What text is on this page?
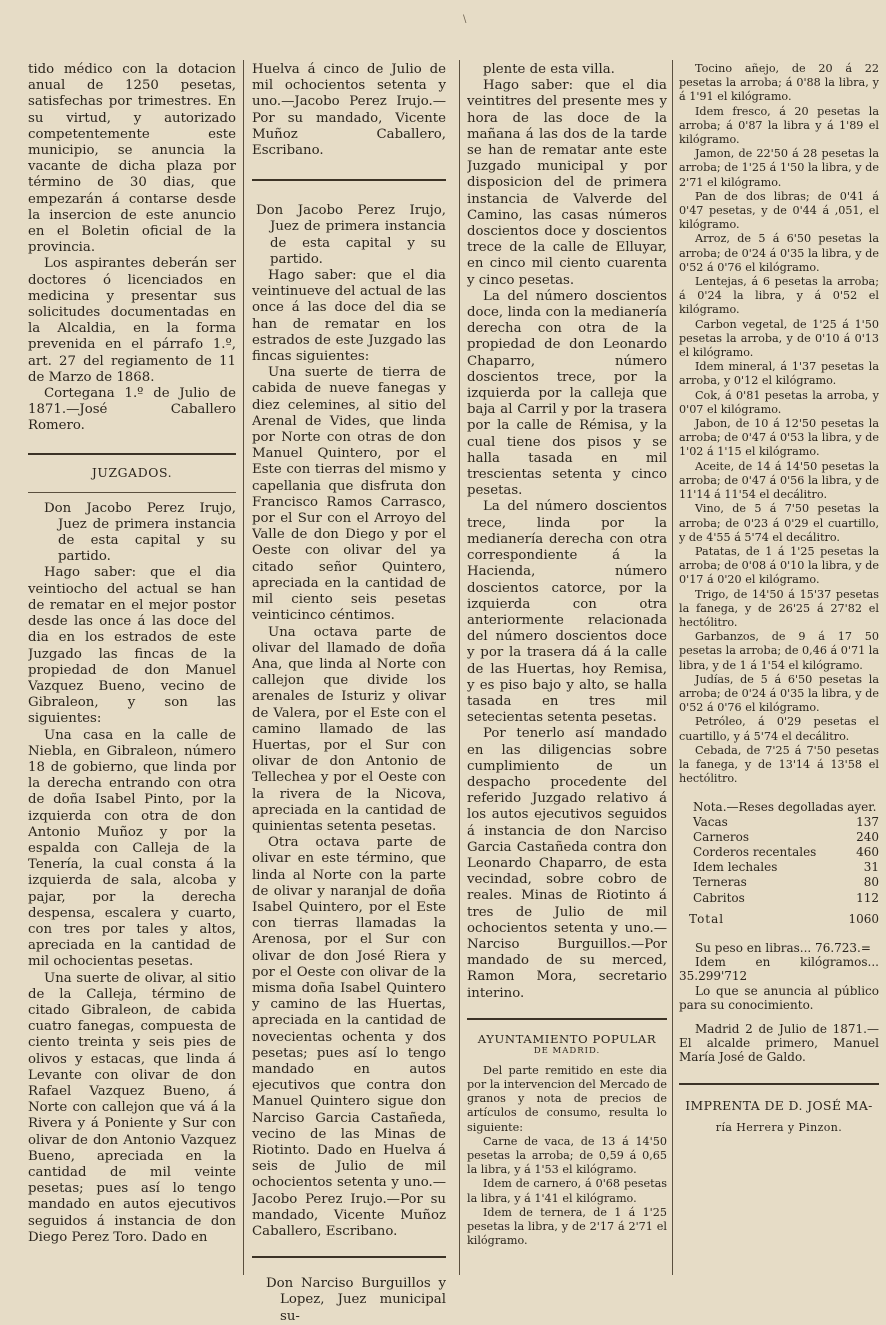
\

tido médico con la dotacion anual de 1250 pesetas, satisfechas por trimestres. En su virtud, y autorizado competentemente este municipio, se anuncia la vacante de dicha plaza por término de 30 dias, que empezarán á contarse desde la insercion de este anuncio en el Boletin oficial de la provincia.

Los aspirantes deberán ser doctores ó licenciados en medicina y presentar sus solicitudes documentadas en la Alcaldia, en la forma prevenida en el párrafo 1.º, art. 27 del regiamento de 11 de Marzo de 1868.

Cortegana 1.º de Julio de 1871.—José Caballero Romero.

JUZGADOS.

Don Jacobo Perez Irujo, Juez de primera instancia de esta capital y su partido.

Hago saber: que el dia veintiocho del actual se han de rematar en el mejor postor desde las once á las doce del dia en los estrados de este Juzgado las fincas de la propiedad de don Manuel Vazquez Bueno, vecino de Gibraleon, y son las siguientes:

Una casa en la calle de Niebla, en Gibraleon, número 18 de gobierno, que linda por la derecha entrando con otra de doña Isabel Pinto, por la izquierda con otra de don Antonio Muñoz y por la espalda con Calleja de la Tenería, la cual consta á la izquierda de sala, alcoba y pajar, por la derecha despensa, escalera y cuarto, con tres por tales y altos, apreciada en la cantidad de mil ochocientas pesetas.

Una suerte de olivar, al sitio de la Calleja, término de citado Gibraleon, de cabida cuatro fanegas, compuesta de ciento treinta y seis pies de olivos y estacas, que linda á Levante con olivar de don Rafael Vazquez Bueno, á Norte con callejon que vá á la Rivera y á Poniente y Sur con olivar de don Antonio Vazquez Bueno, apreciada en la cantidad de mil veinte pesetas; pues así lo tengo mandado en autos ejecutivos seguidos á instancia de don Diego Perez Toro. Dado en

Huelva á cinco de Julio de mil ochocientos setenta y uno.—Jacobo Perez Irujo.—Por su mandado, Vicente Muñoz Caballero, Escribano.

Don Jacobo Perez Irujo, Juez de primera instancia de esta capital y su partido.

Hago saber: que el dia veintinueve del actual de las once á las doce del dia se han de rematar en los estrados de este Juzgado las fincas siguientes:

Una suerte de tierra de cabida de nueve fanegas y diez celemines, al sitio del Arenal de Vides, que linda por Norte con otras de don Manuel Quintero, por el Este con tierras del mismo y capellania que disfruta don Francisco Ramos Carrasco, por el Sur con el Arroyo del Valle de don Diego y por el Oeste con olivar del ya citado señor Quintero, apreciada en la cantidad de mil ciento seis pesetas veinticinco céntimos.

Una octava parte de olivar del llamado de doña Ana, que linda al Norte con callejon que divide los arenales de Isturiz y olivar de Valera, por el Este con el camino llamado de las Huertas, por el Sur con olivar de don Antonio de Tellechea y por el Oeste con la rivera de la Nicova, apreciada en la cantidad de quinientas setenta pesetas.

Otra octava parte de olivar en este término, que linda al Norte con la parte de olivar y naranjal de doña Isabel Quintero, por el Este con tierras llamadas la Arenosa, por el Sur con olivar de don José Riera y por el Oeste con olivar de la misma doña Isabel Quintero y camino de las Huertas, apreciada en la cantidad de novecientas ochenta y dos pesetas; pues así lo tengo mandado en autos ejecutivos que contra don Manuel Quintero sigue don Narciso Garcia Castañeda, vecino de las Minas de Riotinto. Dado en Huelva á seis de Julio de mil ochocientos setenta y uno.—Jacobo Perez Irujo.—Por su mandado, Vicente Muñoz Caballero, Escribano.

Don Narciso Burguillos y Lopez, Juez municipal su-

plente de esta villa.

Hago saber: que el dia veintitres del presente mes y hora de las doce de la mañana á las dos de la tarde se han de rematar ante este Juzgado municipal y por disposicion del de primera instancia de Valverde del Camino, las casas números doscientos doce y doscientos trece de la calle de Elluyar, en cinco mil ciento cuarenta y cinco pesetas.

La del número doscientos doce, linda con la medianería derecha con otra de la propiedad de don Leonardo Chaparro, número doscientos trece, por la izquierda por la calleja que baja al Carril y por la trasera por la calle de Rémisa, y la cual tiene dos pisos y se halla tasada en mil trescientas setenta y cinco pesetas.

La del número doscientos trece, linda por la medianería derecha con otra correspondiente á la Hacienda, número doscientos catorce, por la izquierda con otra anteriormente relacionada del número doscientos doce y por la trasera dá á la calle de las Huertas, hoy Remisa, y es piso bajo y alto, se halla tasada en tres mil setecientas setenta pesetas.

Por tenerlo así mandado en las diligencias sobre cumplimiento de un despacho procedente del referido Juzgado relativo á los autos ejecutivos seguidos á instancia de don Narciso Garcia Castañeda contra don Leonardo Chaparro, de esta vecindad, sobre cobro de reales. Minas de Riotinto á tres de Julio de mil ochocientos setenta y uno.—Narciso Burguillos.—Por mandado de su merced, Ramon Mora, secretario interino.

AYUNTAMIENTO POPULAR
DE MADRID.

Del parte remitido en este dia por la intervencion del Mercado de granos y nota de precios de artículos de consumo, resulta lo siguiente:

Carne de vaca, de 13 á 14'50 pesetas la arroba; de 0,59 á 0,65 la libra, y á 1'53 el kilógramo.

Idem de carnero, á 0'68 pesetas la libra, y á 1'41 el kilógramo.

Idem de ternera, de 1 á 1'25 pesetas la libra, y de 2'17 á 2'71 el kilógramo.

Tocino añejo, de 20 á 22 pesetas la arroba; á 0'88 la libra, y á 1'91 el kilógramo.

Idem fresco, á 20 pesetas la arroba; á 0'87 la libra y á 1'89 el kilógramo.

Jamon, de 22'50 á 28 pesetas la arroba; de 1'25 á 1'50 la libra, y de 2'71 el kilógramo.

Pan de dos libras; de 0'41 á 0'47 pesetas, y de 0'44 á ,051, el kilógramo.

Arroz, de 5 á 6'50 pesetas la arroba; de 0'24 á 0'35 la libra, y de 0'52 á 0'76 el kilógramo.

Lentejas, á 6 pesetas la arroba; á 0'24 la libra, y á 0'52 el kilógramo.

Carbon vegetal, de 1'25 á 1'50 pesetas la arroba, y de 0'10 á 0'13 el kilógramo.

Idem mineral, á 1'37 pesetas la arroba, y 0'12 el kilógramo.

Cok, á 0'81 pesetas la arroba, y 0'07 el kilógramo.

Jabon, de 10 á 12'50 pesetas la arroba; de 0'47 á 0'53 la libra, y de 1'02 á 1'15 el kilógramo.

Aceite, de 14 á 14'50 pesetas la arroba; de 0'47 á 0'56 la libra, y de 11'14 á 11'54 el decálitro.

Vino, de 5 á 7'50 pesetas la arroba; de 0'23 á 0'29 el cuartillo, y de 4'55 á 5'74 el decálitro.

Patatas, de 1 á 1'25 pesetas la arroba; de 0'08 á 0'10 la libra, y de 0'17 á 0'20 el kilógramo.

Trigo, de 14'50 á 15'37 pesetas la fanega, y de 26'25 á 27'82 el hectólitro.

Garbanzos, de 9 á 17 50 pesetas la arroba; de 0,46 á 0'71 la libra, y de 1 á 1'54 el kilógramo.

Judías, de 5 á 6'50 pesetas la arroba; de 0'24 á 0'35 la libra, y de 0'52 á 0'76 el kilógramo.

Petróleo, á 0'29 pesetas el cuartillo, y á 5'74 el decálitro.

Cebada, de 7'25 á 7'50 pesetas la fanega, y de 13'14 á 13'58 el hectólitro.

Nota.—Reses degolladas ayer.

Vacas	137
Carneros	240
Corderos recentales	460
Idem lechales	31
Terneras	80
Cabritos	112
Total	1060

Su peso en libras... 76.723.=

Idem en kilógramos... 35.299'712

Lo que se anuncia al público para su conocimiento.

Madrid 2 de Julio de 1871.—El alcalde primero, Manuel María José de Galdo.

IMPRENTA DE D. JOSÉ MA-
ría Herrera y Pinzon.
